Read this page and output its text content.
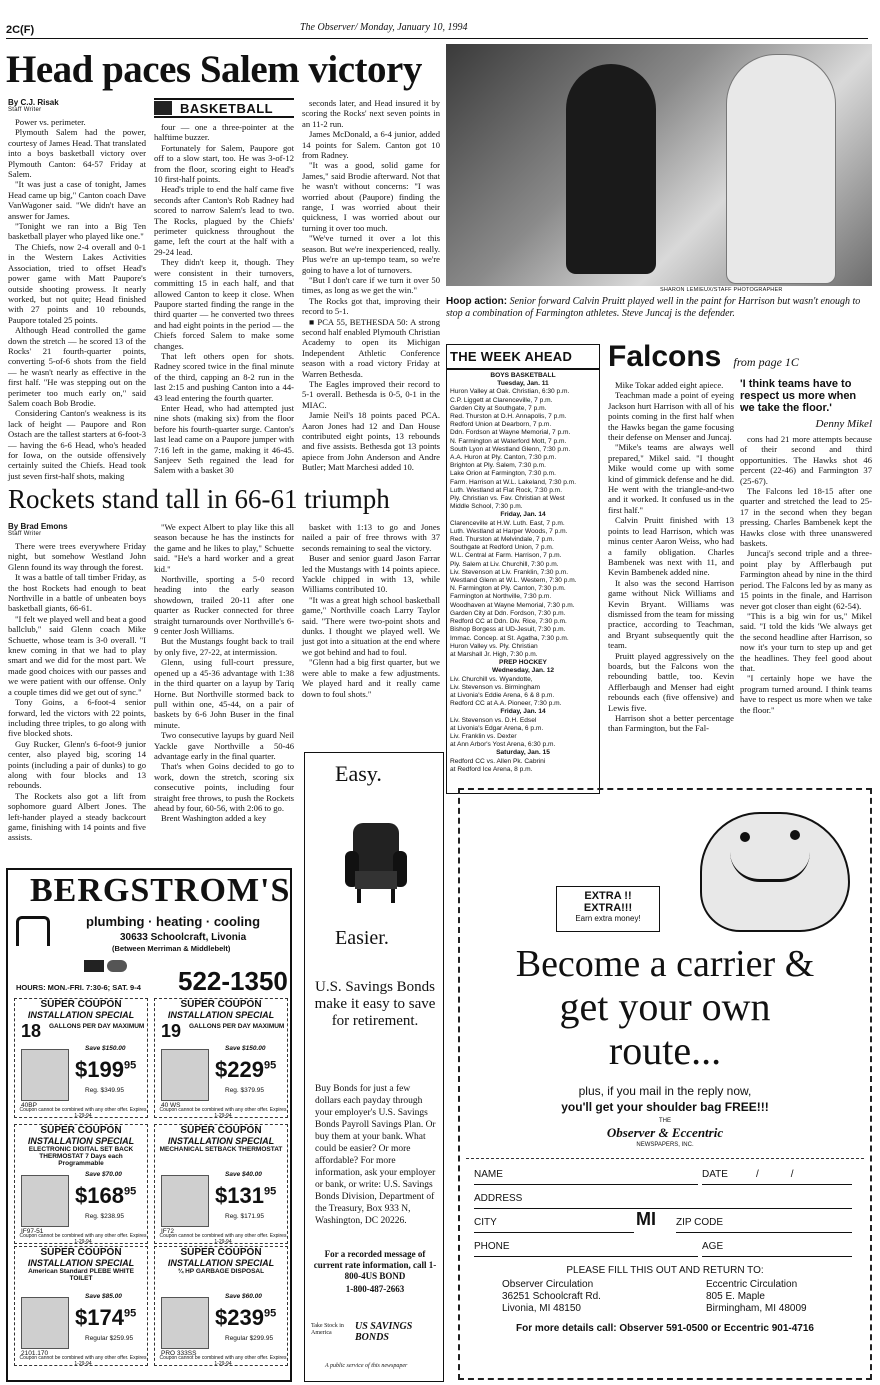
2C(F)	The Observer/ Monday, January 10, 1994
Head paces Salem victory
By C.J. Risak
Staff Writer

Power vs. perimeter.

Plymouth Salem had the power, courtesy of James Head. That translated into a boys basketball victory over Plymouth Canton: 64-57 Friday at Salem.

"It was just a case of tonight, James Head came up big," Canton coach Dave VanWagoner said. "We didn't have an answer for James.

"Tonight we ran into a Big Ten basketball player who played like one."

The Chiefs, now 2-4 overall and 0-1 in the Western Lakes Activities Association, tried to offset Head's power game with Matt Paupore's outside shooting prowess. It nearly worked, but not quite; Head finished with 27 points and 10 rebounds, Paupore totaled 25 points.

Although Head controlled the game down the stretch — he scored 13 of the Rocks' 21 fourth-quarter points, converting 5-of-6 shots from the field — he wasn't nearly as effective in the first half. "He was stepping out on the perimeter too much early on," said Salem coach Bob Brodie.

Considering Canton's weakness is its lack of height — Paupore and Ron Ostach are the tallest starters at 6-foot-3 — having the 6-6 Head, who's headed for Iowa, on the outside offensively certainly suited the Chiefs. Head took just seven first-half shots, making

BASKETBALL

four — one a three-pointer at the halftime buzzer.

Fortunately for Salem, Paupore got off to a slow start, too. He was 3-of-12 from the floor, scoring eight to Head's 10 first-half points.

Head's triple to end the half came five seconds after Canton's Rob Radney had scored to narrow Salem's lead to two. The Rocks, plagued by the Chiefs' perimeter quickness throughout the game, left the court at the half with a 29-24 lead.

They didn't keep it, though. They were consistent in their turnovers, committing 15 in each half, and that allowed Canton to keep it close. When Paupore started finding the range in the third quarter — he converted two threes and had eight points in the period — the Chiefs forced Salem to make some changes.

That left others open for shots. Radney scored twice in the final minute of the third, capping an 8-2 run in the last 2:15 and pushing Canton into a 44-43 lead entering the fourth quarter.

Enter Head, who had attempted just nine shots (making six) from the floor before his fourth-quarter surge. Canton's last lead came on a Paupore jumper with 7:16 left in the game, making it 46-45. Sanjeev Seth regained the lead for Salem with a basket 30

seconds later, and Head insured it by scoring the Rocks' next seven points in an 11-2 run.

James McDonald, a 6-4 junior, added 14 points for Salem. Canton got 10 from Radney.

"It was a good, solid game for James," said Brodie afterward. Not that he wasn't without concerns: "I was worried about (Paupore) finding the range, I was worried about their quickness, I was worried about our turning it over too much.

"We've turned it over a lot this season. But we're inexperienced, really. Plus we're an up-tempo team, so we're going to have a lot of turnovers.

"But I don't care if we turn it over 50 times, as long as we get the win."

The Rocks got that, improving their record to 5-1.

■ PCA 55, BETHESDA 50: A strong second half enabled Plymouth Christian Academy to open its Michigan Independent Athletic Conference season with a road victory Friday at Warren Bethesda.

The Eagles improved their record to 5-1 overall. Bethesda is 0-5, 0-1 in the MIAC.

Jamie Neil's 18 points paced PCA. Aaron Jones had 12 and Dan House contributed eight points, 13 rebounds and five assists. Bethesda got 13 points apiece from John Anderson and Andre Butler; Matt Marchesi added 10.

SHARON LEMIEUX/STAFF PHOTOGRAPHER
Hoop action: Senior forward Calvin Pruitt played well in the paint for Harrison but wasn't enough to stop a combination of Farmington athletes. Steve Juncaj is the defender.
THE WEEK AHEAD
BOYS BASKETBALL
Tuesday, Jan. 11
Huron Valley at Oak. Christian, 6:30 p.m.
C.P. Liggett at Clarenceville, 7 p.m.
Garden City at Southgate, 7 p.m.
Red. Thurston at D.H. Annapolis, 7 p.m.
Redford Union at Dearborn, 7 p.m.
Ddn. Fordson at Wayne Memorial, 7 p.m.
N. Farmington at Waterford Mott, 7 p.m.
South Lyon at Westland Glenn, 7:30 p.m.
A.A. Huron at Ply. Canton, 7:30 p.m.
Brighton at Ply. Salem, 7:30 p.m.
Lake Orion at Farmington, 7:30 p.m.
Farm. Harrison at W.L. Lakeland, 7:30 p.m.
Luth. Westland at Flat Rock, 7:30 p.m.
Ply. Christian vs. Fav. Christian at West
Middle School, 7:30 p.m.
Friday, Jan. 14
Clarenceville at H.W. Luth. East, 7 p.m.
Luth. Westland at Harper Woods, 7 p.m.
Red. Thurston at Melvindale, 7 p.m.
Southgate at Redford Union, 7 p.m.
W.L. Central at Farm. Harrison, 7 p.m.
Ply. Salem at Liv. Churchill, 7:30 p.m.
Liv. Stevenson at Liv. Franklin, 7:30 p.m.
Westland Glenn at W.L. Western, 7:30 p.m.
N. Farmington at Ply. Canton, 7:30 p.m.
Farmington at Northville, 7:30 p.m.
Woodhaven at Wayne Memorial, 7:30 p.m.
Garden City at Ddn. Fordson, 7:30 p.m.
Redford CC at Ddn. Div. Rice, 7:30 p.m.
Bishop Borgess at UD-Jesuit, 7:30 p.m.
Immac. Concep. at St. Agatha, 7:30 p.m.
Huron Valley vs. Ply. Christian
at Marshall Jr. High, 7:30 p.m.
PREP HOCKEY
Wednesday, Jan. 12
Liv. Churchill vs. Wyandotte,
Liv. Stevenson vs. Birmingham
at Livonia's Eddie Arena, 6 & 8 p.m.
Redford CC at A.A. Pioneer, 7:30 p.m.
Friday, Jan. 14
Liv. Stevenson vs. D.H. Edsel
at Livonia's Edgar Arena, 6 p.m.
Liv. Franklin vs. Dexter
at Ann Arbor's Yost Arena, 6:30 p.m.
Saturday, Jan. 15
Redford CC vs. Allen Pk. Cabrini
at Redford Ice Arena, 8 p.m.
Falcons from page 1C

Mike Tokar added eight apiece.

Teachman made a point of eyeing Jackson hurt Harrison with all of his points coming in the first half when the Hawks began the game focusing their defense on Menser and Juncaj.

"Mike's teams are always well prepared," Mikel said. "I thought Mike would come up with some kind of gimmick defense and he did. He went with the triangle-and-two and it worked. It confused us in the first half."

Calvin Pruitt finished with 13 points to lead Harrison, which was minus center Aaron Weiss, who had a family obligation. Charles Bambenek was next with 11, and Kevin Bambenek added nine.

It also was the second Harrison game without Nick Williams and Kevin Bryant. Williams was dismissed from the team for missing practice, according to Teachman, and Bryant subsequently quit the team.

Pruitt played aggressively on the boards, but the Falcons won the rebounding battle, too. Kevin Afflerbaugh and Menser had eight rebounds each (five offensive) and Lewis five.

Harrison shot a better percentage than Farmington, but the Fal-

'I think teams have to respect us more when we take the floor.'
Denny Mikel

cons had 21 more attempts because of their second and third opportunities. The Hawks shot 46 percent (22-46) and Farmington 37 (25-67).

The Falcons led 18-15 after one quarter and stretched the lead to 25-17 in the second when they began pressing. Charles Bambenek kept the Hawks close with three unanswered baskets.

Juncaj's second triple and a three-point play by Afflerbaugh put Farmington ahead by nine in the third period. The Falcons led by as many as 15 points in the finale, and Harrison never got closer than eight (62-54).

"This is a big win for us," Mikel said. "I told the kids 'We always get the second headline after Harrison, so now it's your turn to step up and get the headlines. They feel good about that.

"I certainly hope we have the program turned around. I think teams have to respect us more when we take the floor."

Rockets stand tall in 66-61 triumph
By Brad Emons
Staff Writer

There were trees everywhere Friday night, but somehow Westland John Glenn found its way through the forest.

It was a battle of tall timber Friday, as the host Rockets had enough to beat Northville in a battle of unbeaten boys basketball giants, 66-61.

"I felt we played well and beat a good ballclub," said Glenn coach Mike Schuette, whose team is 3-0 overall. "I knew coming in that we had to play smart and we did for the most part. We made good choices with our passes and we were patient with our offense. Only a couple times did we get out of sync."

Tony Goins, a 6-foot-4 senior forward, led the victors with 22 points, including three triples, to go along with five blocked shots.

Guy Rucker, Glenn's 6-foot-9 junior center, also played big, scoring 14 points (including a pair of dunks) to go along with four blocks and 13 rebounds.

The Rockets also got a lift from sophomore guard Albert Jones. The left-hander played a steady backcourt game, finishing with 14 points and five assists.

"We expect Albert to play like this all season because he has the instincts for the game and he likes to play," Schuette said. "He's a hard worker and a great kid."

Northville, sporting a 5-0 record heading into the early season showdown, trailed 20-11 after one quarter as Rucker connected for three straight turnarounds over Northville's 6-9 center Josh Williams.

But the Mustangs fought back to trail by only five, 27-22, at intermission.

Glenn, using full-court pressure, opened up a 45-36 advantage with 1:38 in the third quarter on a layup by Tariq Horne. But Northville stormed back to pull within one, 45-44, on a pair of baskets by 6-6 John Buser in the final minute.

Two consecutive layups by guard Neil Yackle gave Northville a 50-46 advantage early in the final quarter.

That's when Goins decided to go to work, down the stretch, scoring six consecutive points, including four straight free throws, to push the Rockets ahead by four, 60-56, with 2:06 to go.

Brent Washington added a key

basket with 1:13 to go and Jones nailed a pair of free throws with 37 seconds remaining to seal the victory.

Buser and senior guard Jason Farrar led the Mustangs with 14 points apiece. Yackle chipped in with 13, while Williams contributed 10.

"It was a great high school basketball game," Northville coach Larry Taylor said. "There were two-point shots and dunks. I thought we played well. We just got into a situation at the end where we got behind and had to foul.

"Glenn had a big first quarter, but we were able to make a few adjustments. We played hard and it really came down to foul shots."

BERGSTROM'S
plumbing · heating · cooling
30633 Schoolcraft, Livonia
(Between Merriman & Middlebelt)
HOURS: MON.-FRI. 7:30-6; SAT. 9-4 522-1350
SUPER COUPON
INSTALLATION SPECIAL
18 GALLONS PER DAY MAXIMUM
Save $150.00
$\$199^{95}$
Reg. $349.95
40BP
Coupon cannot be combined with any other offer. Expires 1-29-94
SUPER COUPON
INSTALLATION SPECIAL
19 GALLONS PER DAY MAXIMUM
Save $150.00
$\$229^{95}$
Reg. $379.95
40 WS
Coupon cannot be combined with any other offer. Expires 1-29-94
SUPER COUPON
INSTALLATION SPECIAL
ELECTRONIC DIGITAL SET BACK THERMOSTAT 7 Days each Programmable
Save $70.00
$\$168^{95}$
Reg. $238.95
IF97-51
Coupon cannot be combined with any other offer. Expires 1-29-94
SUPER COUPON
INSTALLATION SPECIAL
MECHANICAL SETBACK THERMOSTAT
Save $40.00
$\$131^{95}$
Reg. $171.95
IF72
Coupon cannot be combined with any other offer. Expires 1-29-94
SUPER COUPON
INSTALLATION SPECIAL
American Standard PLEBE WHITE TOILET
Save $85.00
$\$174^{95}$
Regular $259.95
2101.170
Coupon cannot be combined with any other offer. Expires 1-29-94
SUPER COUPON
INSTALLATION SPECIAL
¾ HP GARBAGE DISPOSAL
Save $60.00
$\$239^{95}$
Regular $299.95
PRO 333SS
Coupon cannot be combined with any other offer. Expires 1-29-94
Easy.
Easier.
U.S. Savings Bonds make it easy to save for retirement.
Buy Bonds for just a few dollars each payday through your employer's U.S. Savings Bonds Payroll Savings Plan. Or buy them at your bank. What could be easier? Or more affordable? For more information, ask your employer or bank, or write: U.S. Savings Bonds Division, Department of the Treasury, Box 933 N, Washington, DC 20226.
For a recorded message of current rate information, call 1-800-4US BOND
1-800-487-2663
Take Stock in America
US SAVINGS BONDS
A public service of this newspaper
EXTRA !!
EXTRA!!!
Earn extra money!
Become a carrier &
get your own
route...
plus, if you mail in the reply now,
you'll get your shoulder bag FREE!!!
THE
Observer & Eccentric
NEWSPAPERS, INC.
NAME	DATE	/	/
ADDRESS
CITY	MI	ZIP CODE
PHONE	AGE
PLEASE FILL THIS OUT AND RETURN TO:
Observer Circulation
36251 Schoolcraft Rd.
Livonia, MI 48150
Eccentric Circulation
805 E. Maple
Birmingham, MI 48009
For more details call: Observer 591-0500 or Eccentric 901-4716
